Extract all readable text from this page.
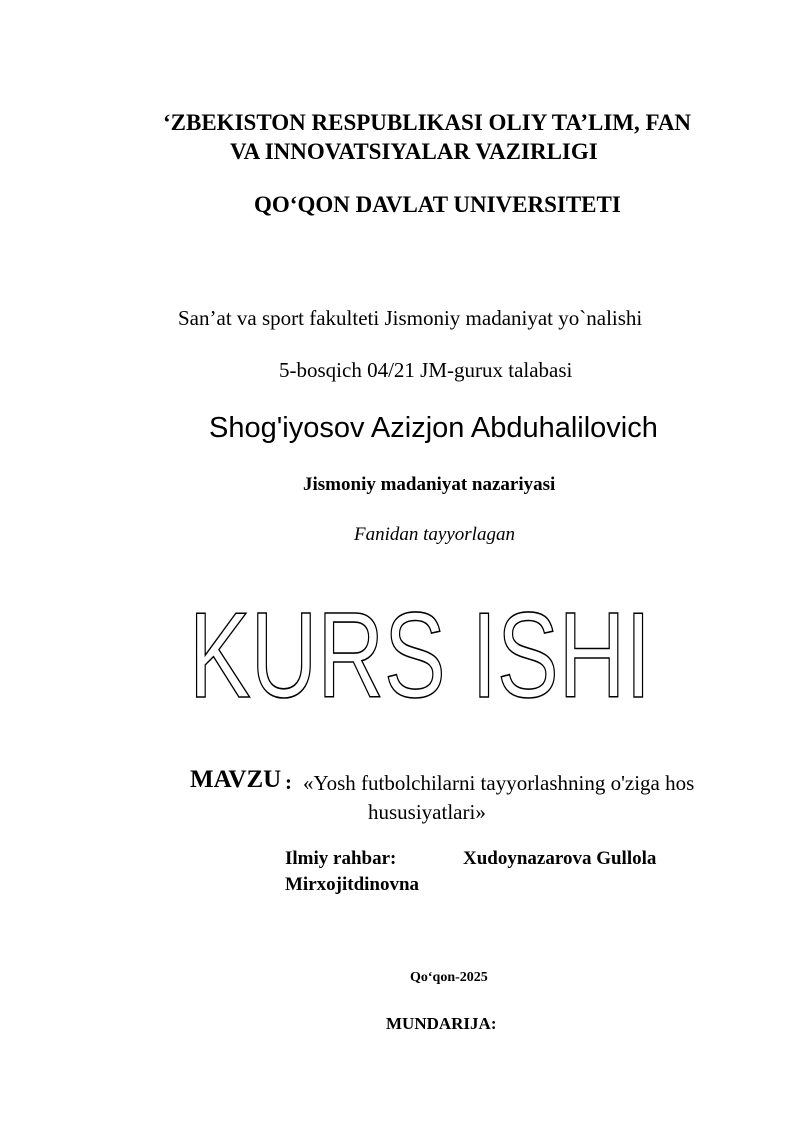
‘ZBEKISTON RESPUBLIKASI OLIY TA’LIM, FAN
VA INNOVATSIYALAR VAZIRLIGI
QO‘QON DAVLAT UNIVERSITETI
San’at va sport fakulteti Jismoniy madaniyat yo`nalishi
5-bosqich 04/21 JM-gurux talabasi
Shog'iyosov Azizjon Abduhalilovich
Jismoniy madaniyat nazariyasi
Fanidan tayyorlagan
KURS ISHI
MAVZU : «Yosh futbolchilarni tayyorlashning o'ziga hos
hususiyatlari»
Ilmiy rahbar:	Xudoynazarova Gullola
Mirxojitdinovna
Qo‘qon-2025
MUNDARIJA:
